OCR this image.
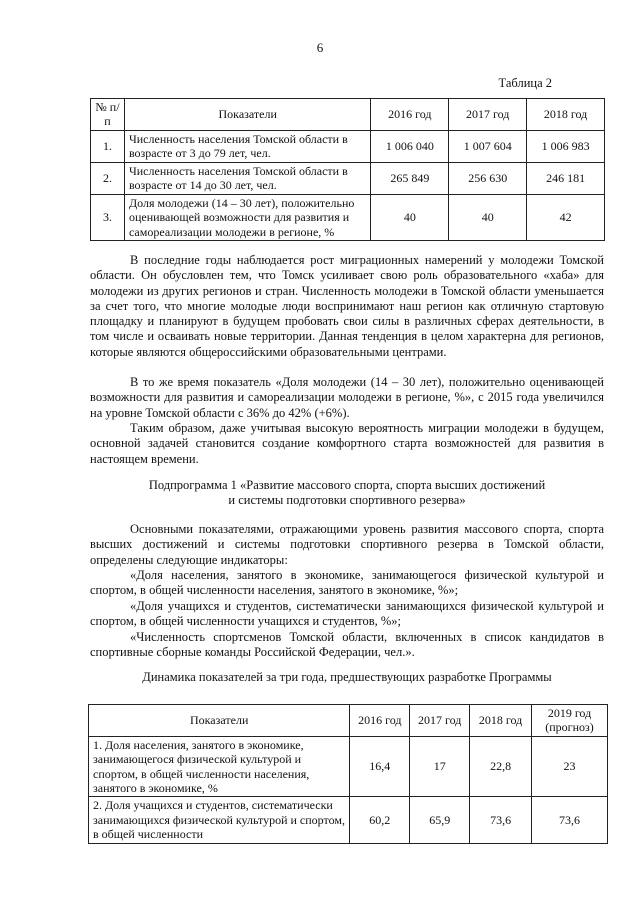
6
Таблица 2
№ п/п	Показатели	2016 год	2017 год	2018 год
1.	Численность населения Томской области в возрасте от 3 до 79 лет, чел.	1 006 040	1 007 604	1 006 983
2.	Численность населения Томской области в возрасте от 14 до 30 лет, чел.	265 849	256 630	246 181
3.	Доля молодежи (14 – 30 лет), положительно оценивающей возможности для развития и самореализации молодежи в регионе, %	40	40	42
В последние годы наблюдается рост миграционных намерений у молодежи Томской области. Он обусловлен тем, что Томск усиливает свою роль образовательного «хаба» для молодежи из других регионов и стран. Численность молодежи в Томской области уменьшается за счет того, что многие молодые люди воспринимают наш регион как отличную стартовую площадку и планируют в будущем пробовать свои силы в различных сферах деятельности, в том числе и осваивать новые территории. Данная тенденция в целом характерна для регионов, которые являются общероссийскими образовательными центрами.
В то же время показатель «Доля молодежи (14 – 30 лет), положительно оценивающей возможности для развития и самореализации молодежи в регионе, %», с 2015 года увеличился на уровне Томской области с 36% до 42% (+6%).
Таким образом, даже учитывая высокую вероятность миграции молодежи в будущем, основной задачей становится создание комфортного старта возможностей для развития в настоящем времени.
Подпрограмма 1 «Развитие массового спорта, спорта высших достижений
и системы подготовки спортивного резерва»
Основными показателями, отражающими уровень развития массового спорта, спорта высших достижений и системы подготовки спортивного резерва в Томской области, определены следующие индикаторы:
«Доля населения, занятого в экономике, занимающегося физической культурой и спортом, в общей численности населения, занятого в экономике, %»;
«Доля учащихся и студентов, систематически занимающихся физической культурой и спортом, в общей численности учащихся и студентов, %»;
«Численность спортсменов Томской области, включенных в список кандидатов в спортивные сборные команды Российской Федерации, чел.».
Динамика показателей за три года, предшествующих разработке Программы
Показатели	2016 год	2017 год	2018 год	2019 год (прогноз)
1. Доля населения, занятого в экономике, занимающегося физической культурой и спортом, в общей численности населения, занятого в экономике, %	16,4	17	22,8	23
2. Доля учащихся и студентов, систематически занимающихся физической культурой и спортом, в общей численности	60,2	65,9	73,6	73,6
